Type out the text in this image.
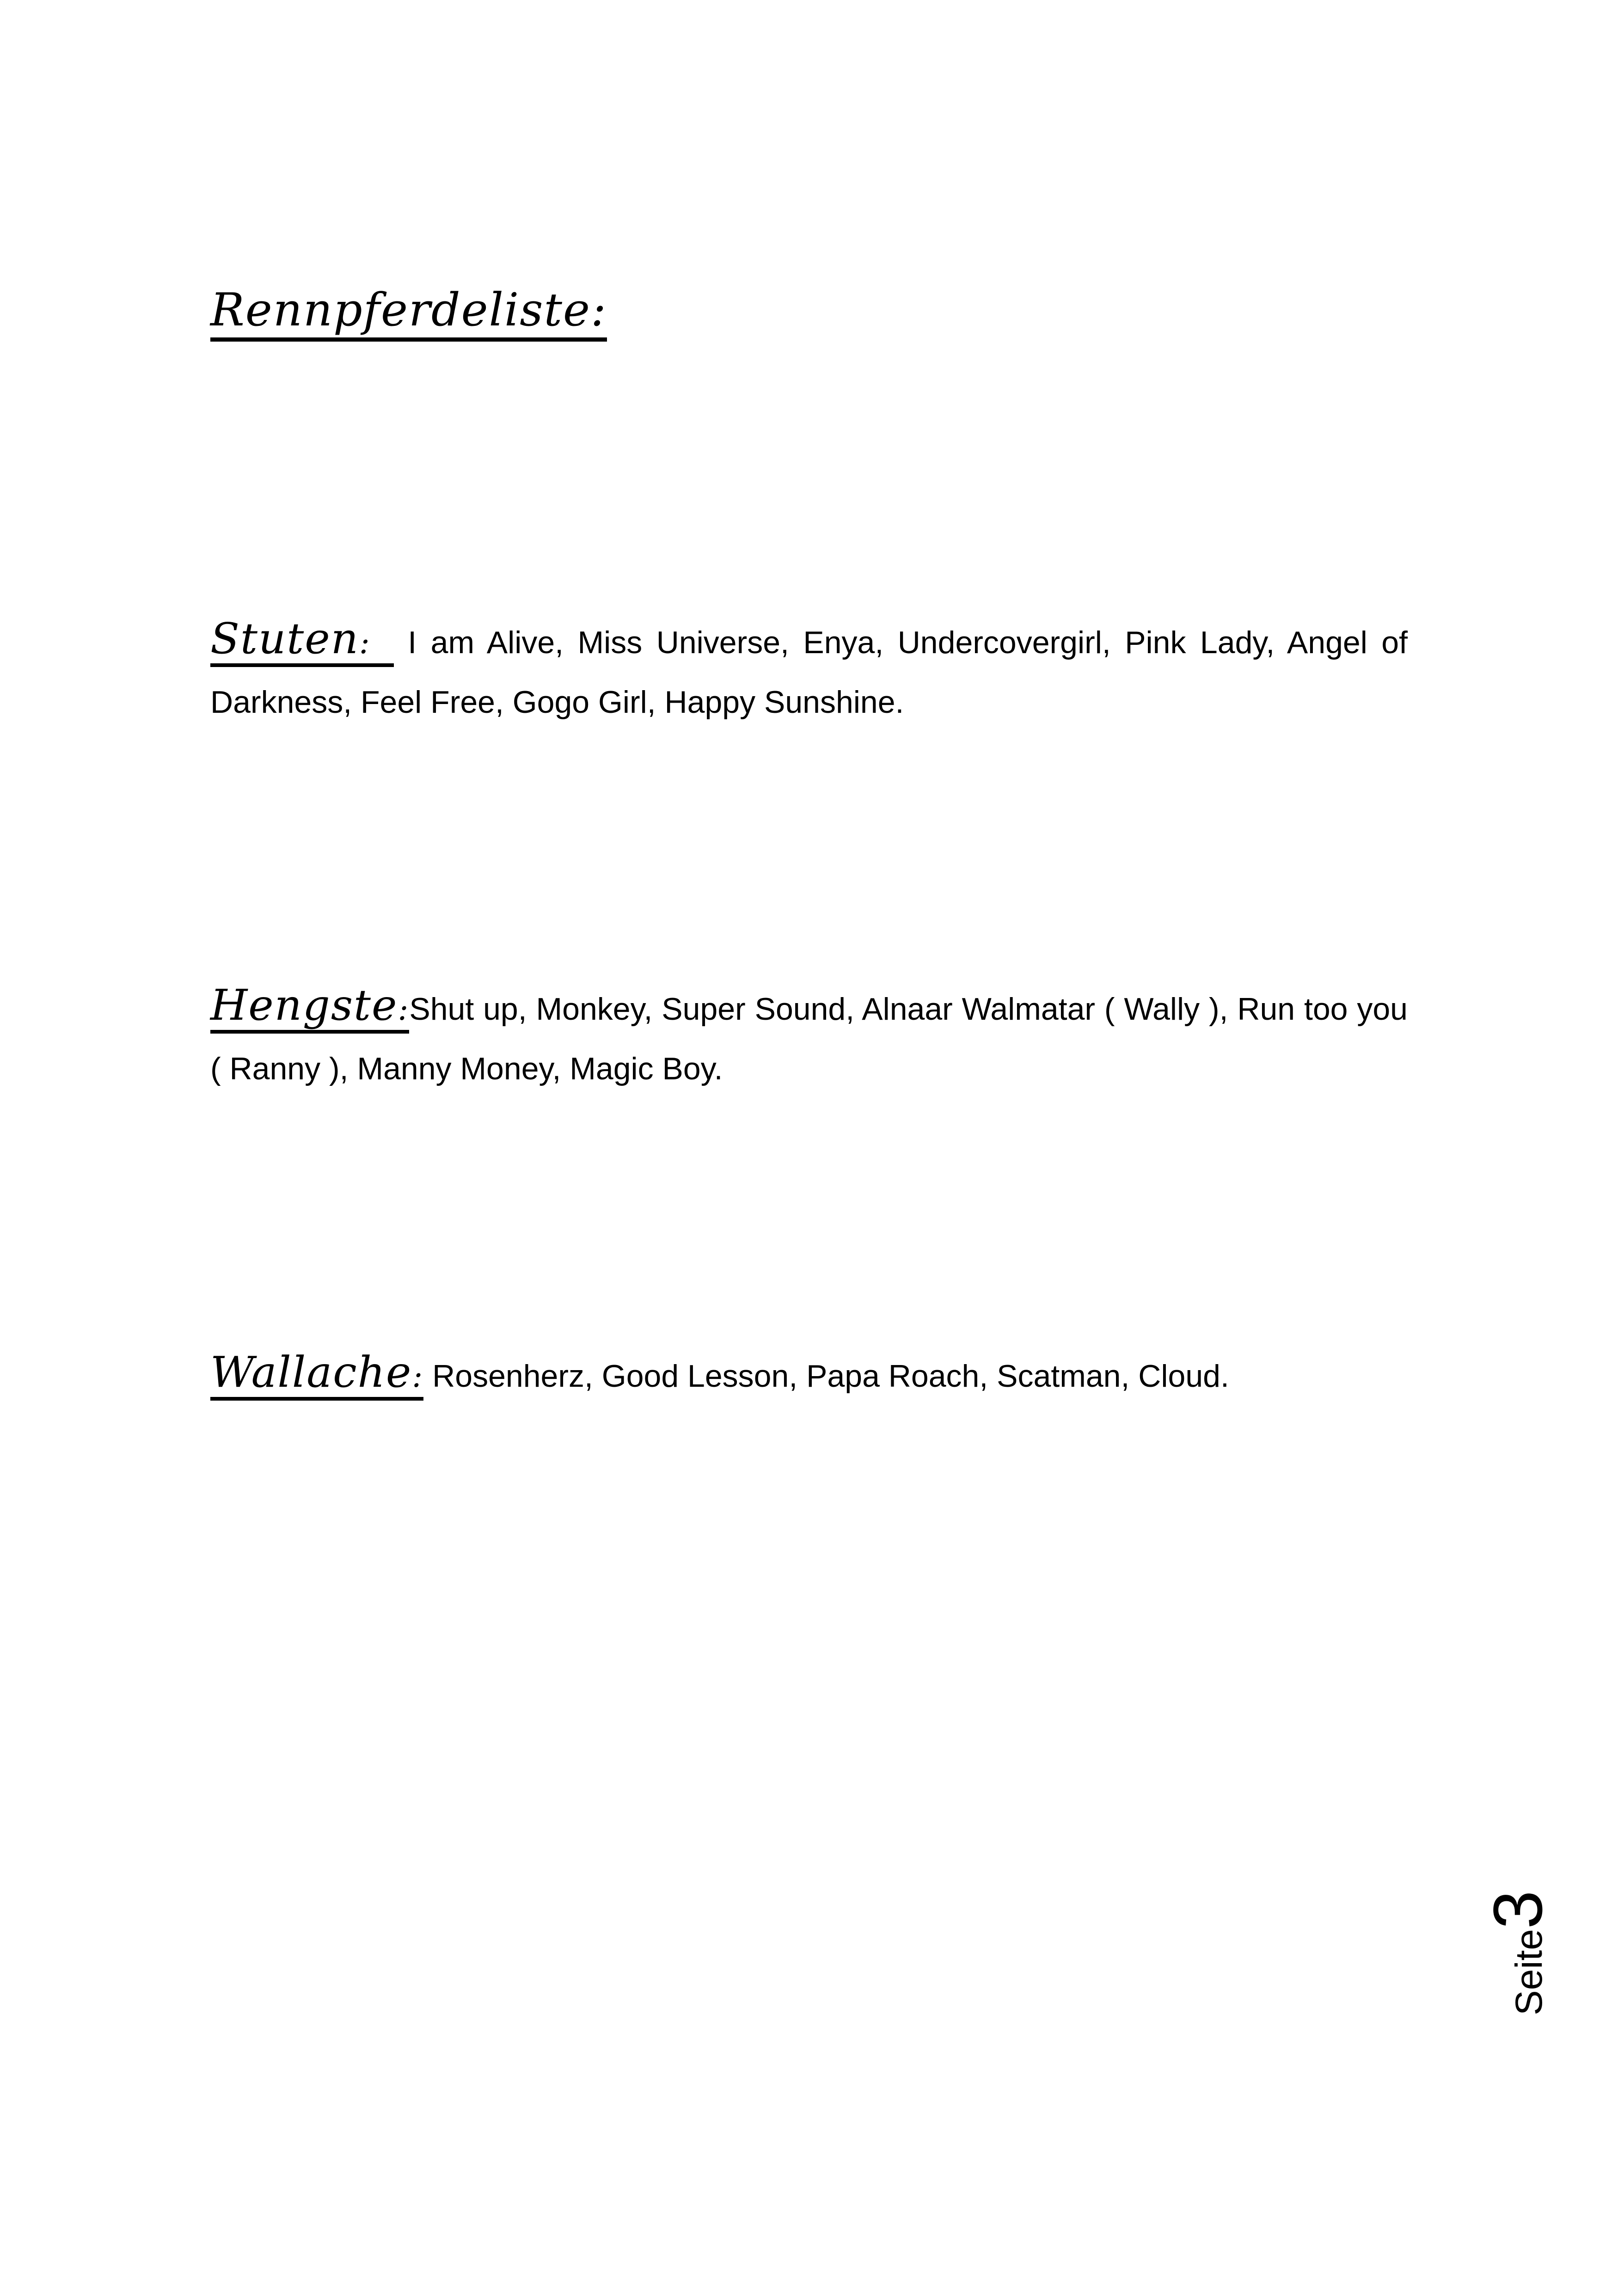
Rennpferdeliste:
Stuten: I am Alive, Miss Universe, Enya, Undercovergirl, Pink Lady, Angel of Darkness, Feel Free, Gogo Girl, Happy Sunshine.
Hengste:Shut up, Monkey, Super Sound, Alnaar Walmatar ( Wally ), Run too you ( Ranny ), Manny Money, Magic Boy.
Wallache: Rosenherz, Good Lesson, Papa Roach, Scatman, Cloud.
Seite3
